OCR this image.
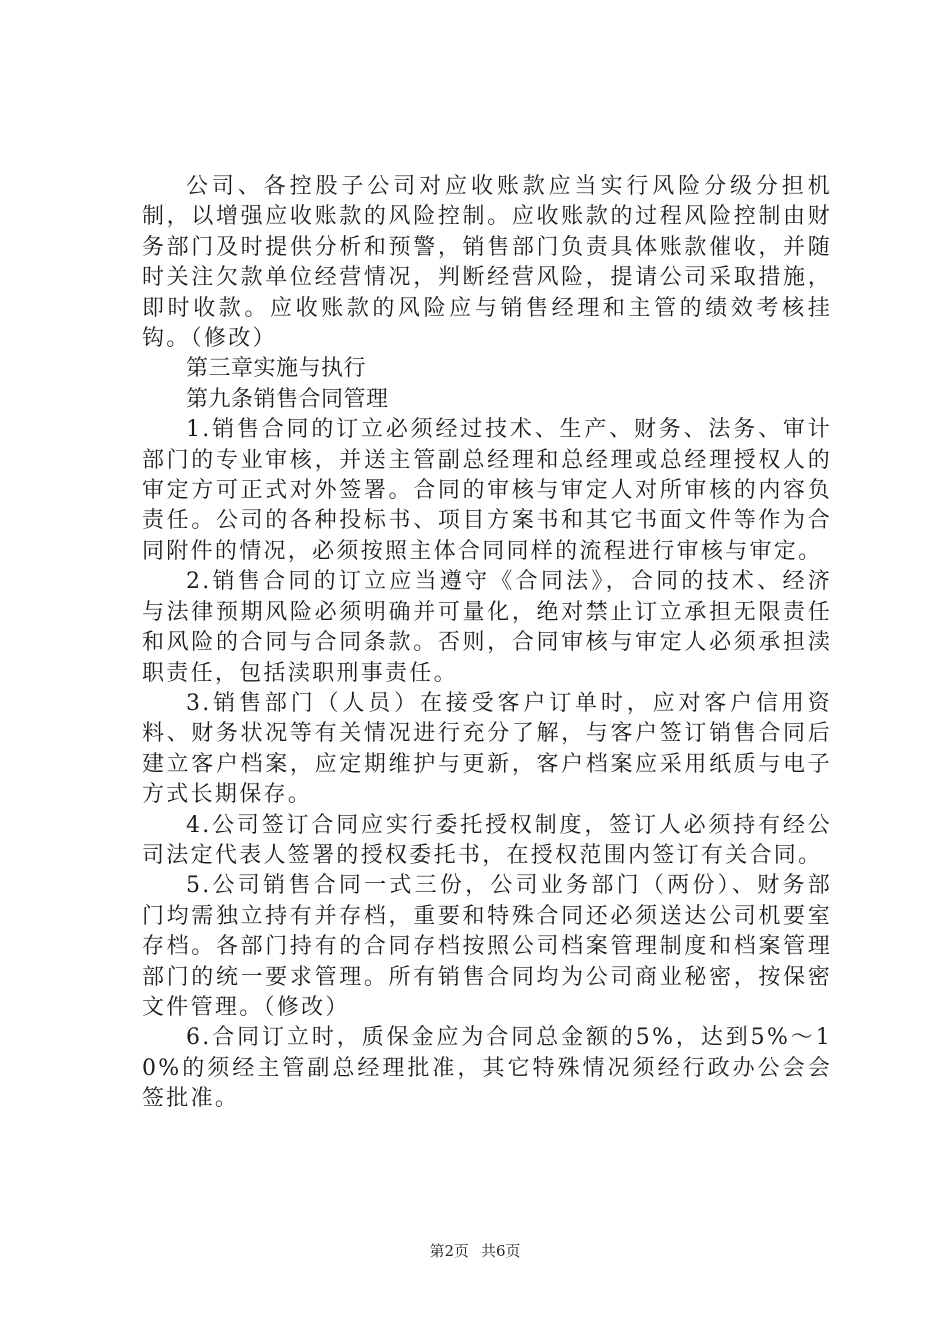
公司、各控股子公司对应收账款应当实行风险分级分担机制，以增强应收账款的风险控制。应收账款的过程风险控制由财务部门及时提供分析和预警，销售部门负责具体账款催收，并随时关注欠款单位经营情况，判断经营风险，提请公司采取措施，即时收款。应收账款的风险应与销售经理和主管的绩效考核挂钩。（修改）

第三章实施与执行

第九条销售合同管理

1.销售合同的订立必须经过技术、生产、财务、法务、审计部门的专业审核，并送主管副总经理和总经理或总经理授权人的审定方可正式对外签署。合同的审核与审定人对所审核的内容负责任。公司的各种投标书、项目方案书和其它书面文件等作为合同附件的情况，必须按照主体合同同样的流程进行审核与审定。

2.销售合同的订立应当遵守《合同法》，合同的技术、经济与法律预期风险必须明确并可量化，绝对禁止订立承担无限责任和风险的合同与合同条款。否则，合同审核与审定人必须承担渎职责任，包括渎职刑事责任。

3.销售部门（人员）在接受客户订单时，应对客户信用资料、财务状况等有关情况进行充分了解，与客户签订销售合同后建立客户档案，应定期维护与更新，客户档案应采用纸质与电子方式长期保存。

4.公司签订合同应实行委托授权制度，签订人必须持有经公司法定代表人签署的授权委托书，在授权范围内签订有关合同。

5.公司销售合同一式三份，公司业务部门（两份）、财务部门均需独立持有并存档，重要和特殊合同还必须送达公司机要室存档。各部门持有的合同存档按照公司档案管理制度和档案管理部门的统一要求管理。所有销售合同均为公司商业秘密，按保密文件管理。（修改）

6.合同订立时，质保金应为合同总金额的5%，达到5%～10%的须经主管副总经理批准，其它特殊情况须经行政办公会会签批准。

第2页 共6页
